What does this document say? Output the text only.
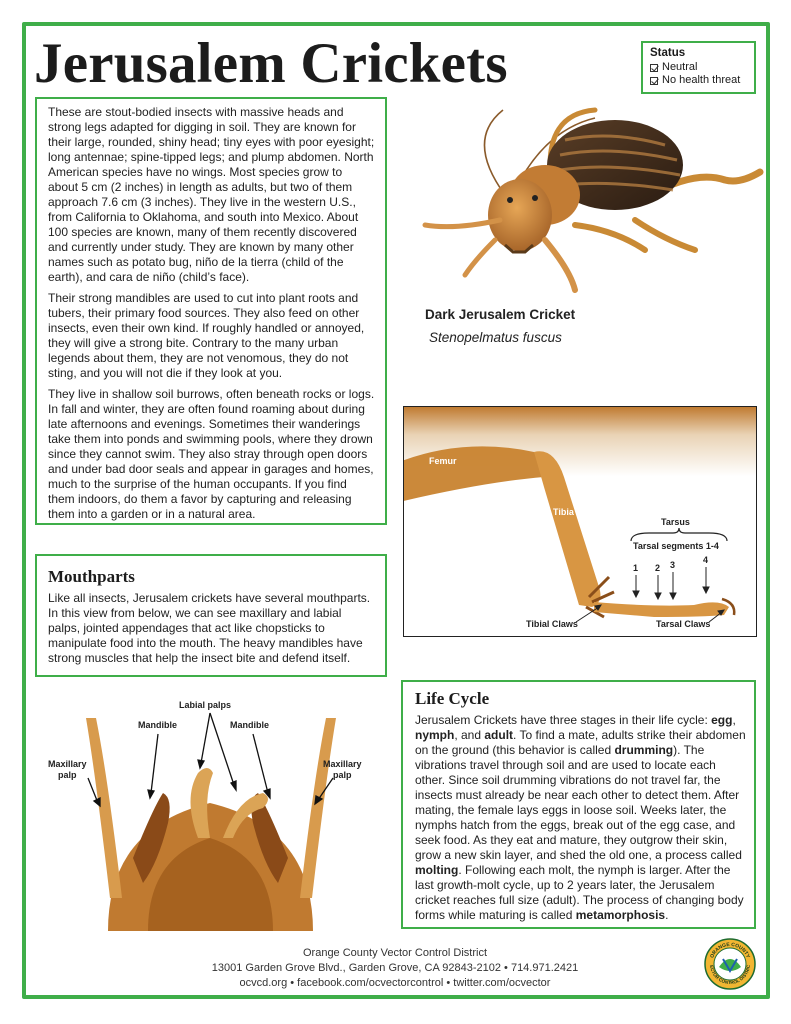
Jerusalem Crickets	Status
Neutral
No health threat

These are stout-bodied insects with massive heads and strong legs adapted for digging in soil. They are known for their large, rounded, shiny head; tiny eyes with poor eyesight; long antennae; spine-tipped legs; and plump abdomen. North American species have no wings. Most species grow to about 5 cm (2 inches) in length as adults, but two of them approach 7.6 cm (3 inches). They live in the western U.S., from California to Oklahoma, and south into Mexico. About 100 species are known, many of them recently discovered and currently under study. They are known by many other names such as potato bug, niño de la tierra (child of the earth), and cara de niño (child’s face).

Their strong mandibles are used to cut into plant roots and tubers, their primary food sources. They also feed on other insects, even their own kind. If roughly handled or annoyed, they will give a strong bite. Contrary to the many urban legends about them, they are not venomous, they do not sting, and you will not die if they look at you.

They live in shallow soil burrows, often beneath rocks or logs. In fall and winter, they are often found roaming about during late afternoons and evenings. Sometimes their wanderings take them into ponds and swimming pools, where they drown since they cannot swim. They also stray through open doors and under bad door seals and appear in garages and homes, much to the surprise of the human occupants. If you find them indoors, do them a favor by capturing and releasing them into a garden or in a natural area.

Dark Jerusalem Cricket
Stenopelmatus fuscus
Femur
Tibia
Tarsus
Tarsal segments 1-4
1 2 3	4
Tibial Claws	Tarsal Claws
Mouthparts

Like all insects, Jerusalem crickets have several mouthparts. In this view from below, we can see maxillary and labial palps, jointed appendages that act like chopsticks to manipulate food into the mouth. The heavy mandibles have strong muscles that help the insect bite and defend itself.

Labial palps
Mandible	Mandible
Maxillary
palp
Maxillary
palp
Life Cycle

Jerusalem Crickets have three stages in their life cycle: egg, nymph, and adult. To find a mate, adults strike their abdomen on the ground (this behavior is called drumming). The vibrations travel through soil and are used to locate each other. Since soil drumming vibrations do not travel far, the insects must already be near each other to detect them. After mating, the female lays eggs in loose soil. Weeks later, the nymphs hatch from the eggs, break out of the egg case, and seek food. As they eat and mature, they outgrow their skin, grow a new skin layer, and shed the old one, a process called molting. Following each molt, the nymph is larger. After the last growth-molt cycle, up to 2 years later, the Jerusalem cricket reaches full size (adult). The process of changing body forms while maturing is called metamorphosis.

Orange County Vector Control District
13001 Garden Grove Blvd., Garden Grove, CA 92843-2102 • 714.971.2421
ocvcd.org • facebook.com/ocvectorcontrol • twitter.com/ocvector
ORANGE COUNTY
ECTOR CONTROL DISTRIC
